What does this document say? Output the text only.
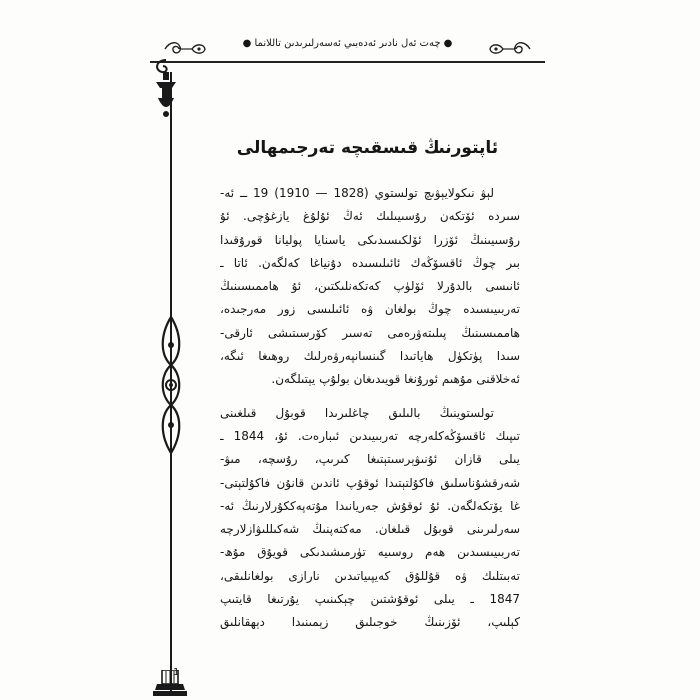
● چەت ئەل نادىر ئەدەبىي ئەسەرلىرىدىن تاللانما ●
1
ئاپتورنىڭ قىسقىچە تەرجىمھالى
لېۋ نىكولايېۋىچ تولستوي (1828 — 1910) 19 ــ ئە-
سىردە ئۆتكەن رۇسىيىلىك ئەڭ ئۇلۇغ يازغۇچى. ئۇ
رۇسىيىنىڭ ئۆزرا ئۆلكىسىدىكى ياسنايا پوليانا قورۇقىدا
بىر چوڭ ئاقسۆڭەك ئائىلىسىدە دۇنياغا كەلگەن. ئاتا ـ
ئانىسى بالدۇرلا ئۆلۈپ كەتكەنلىكتىن، ئۇ ھاممىسىنىڭ
تەربىيىسىدە چوڭ بولغان ۋە ئائىلىسى زور مەرجىدە،
ھاممىسىنىڭ پىلىتەۋرەمى تەسىر كۆرسىتىشى ئارقى-
سىدا پۈتكۈل ھاياتىدا گىنسانپەرۋەرلىك روھىغا ئىگە،
ئەخلاقنى مۇھىم ئورۇنغا قويىدىغان بولۇپ يېتىلگەن.
تولستوينىڭ بالىلىق چاغلىرىدا قوبۇل قىلغىنى
تىپىك ئاقسۆڭەكلەرچە تەربىيىدىن ئىبارەت. ئۇ، 1844 ـ
يىلى قازان ئۇنىۋېرسىتېتىغا كىرىپ، رۇسچە، مىۋ-
شەرقشۇناسلىق فاكۇلتېتىدا ئوقۇپ ئاندىن قانۇن فاكۇلتېتى-
غا يۆتكەلگەن. ئۇ ئوقۇش جەريانىدا مۇتەپەككۇرلارنىڭ ئە-
سەرلىرىنى قوبۇل قىلغان. مەكتەپنىڭ شەكىللىۋازلارچە
تەربىيىسىدىن ھەم روسىيە تۈرمىشىدىكى قويۇق مۇھ-
تەبىتلىك ۋە قۇللۇق كەيپىياتىدىن نارازى بولغانلىقى،
1847 ـ يىلى ئوقۇشتىن چېكىنىپ يۇرتىغا قايتىپ
كېلىپ، ئۆزىنىڭ خوجىلىق زېمىنىدا دېھقانلىق
